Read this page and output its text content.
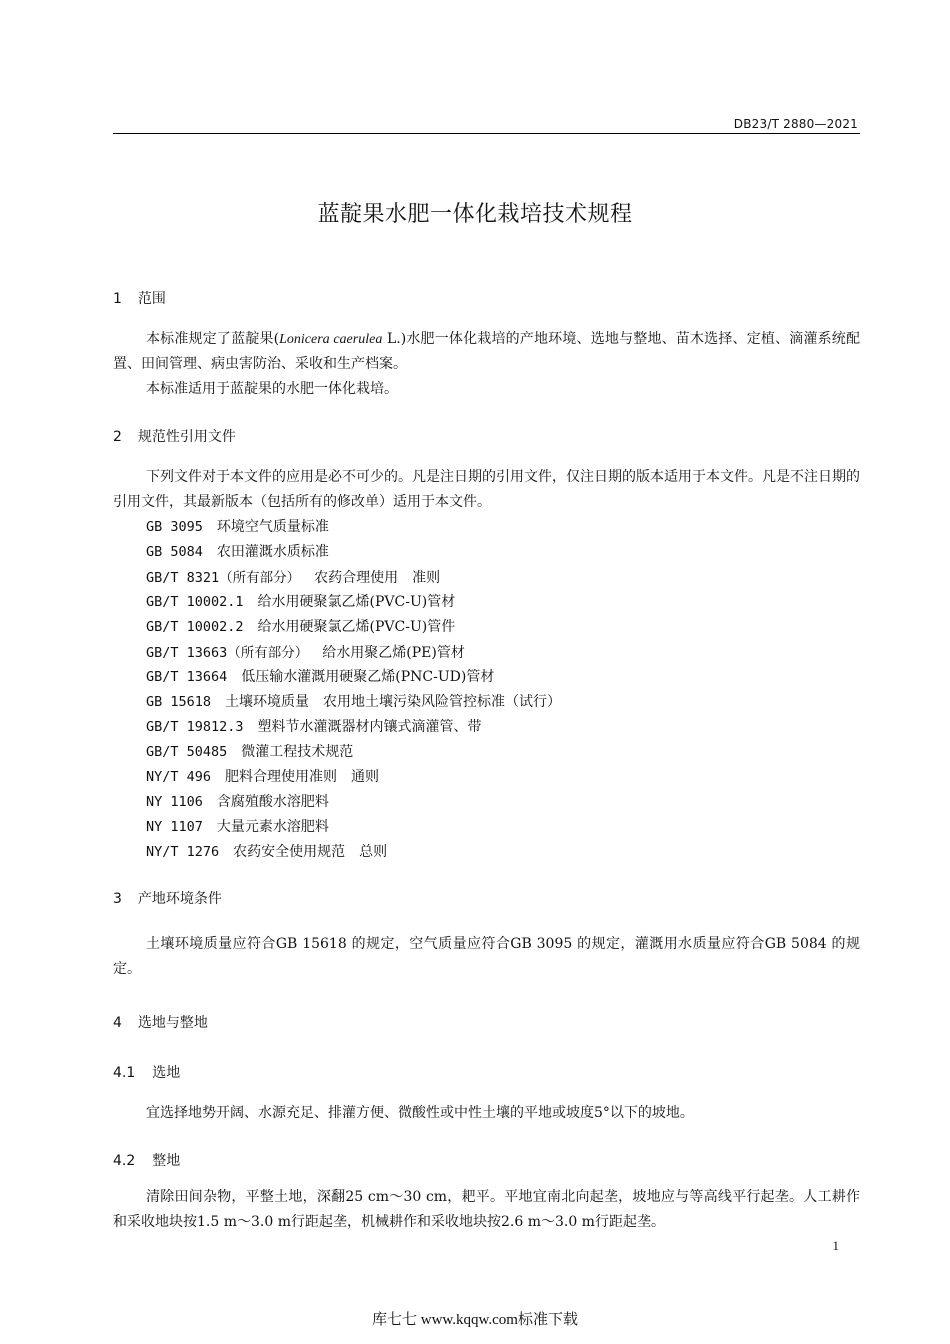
DB23/T 2880—2021
蓝靛果水肥一体化栽培技术规程
1 范围
本标准规定了蓝靛果(Lonicera caerulea L.)水肥一体化栽培的产地环境、选地与整地、苗木选择、定植、滴灌系统配置、田间管理、病虫害防治、采收和生产档案。
本标准适用于蓝靛果的水肥一体化栽培。
2 规范性引用文件
下列文件对于本文件的应用是必不可少的。凡是注日期的引用文件，仅注日期的版本适用于本文件。凡是不注日期的引用文件，其最新版本（包括所有的修改单）适用于本文件。
GB 3095 环境空气质量标准
GB 5084 农田灌溉水质标准
GB/T 8321（所有部分） 农药合理使用　准则
GB/T 10002.1 给水用硬聚氯乙烯(PVC-U)管材
GB/T 10002.2 给水用硬聚氯乙烯(PVC-U)管件
GB/T 13663（所有部分） 给水用聚乙烯(PE)管材
GB/T 13664 低压输水灌溉用硬聚乙烯(PNC-UD)管材
GB 15618 土壤环境质量　农用地土壤污染风险管控标准（试行）
GB/T 19812.3 塑料节水灌溉器材内镶式滴灌管、带
GB/T 50485 微灌工程技术规范
NY/T 496 肥料合理使用准则　通则
NY 1106 含腐殖酸水溶肥料
NY 1107 大量元素水溶肥料
NY/T 1276 农药安全使用规范　总则
3 产地环境条件
土壤环境质量应符合GB 15618 的规定，空气质量应符合GB 3095 的规定，灌溉用水质量应符合GB 5084 的规定。
4 选地与整地
4.1 选地
宜选择地势开阔、水源充足、排灌方便、微酸性或中性土壤的平地或坡度5°以下的坡地。
4.2 整地
清除田间杂物，平整土地，深翻25 cm～30 cm，耙平。平地宜南北向起垄，坡地应与等高线平行起垄。人工耕作和采收地块按1.5 m～3.0 m行距起垄，机械耕作和采收地块按2.6 m～3.0 m行距起垄。
1
库七七 www.kqqw.com标准下载
